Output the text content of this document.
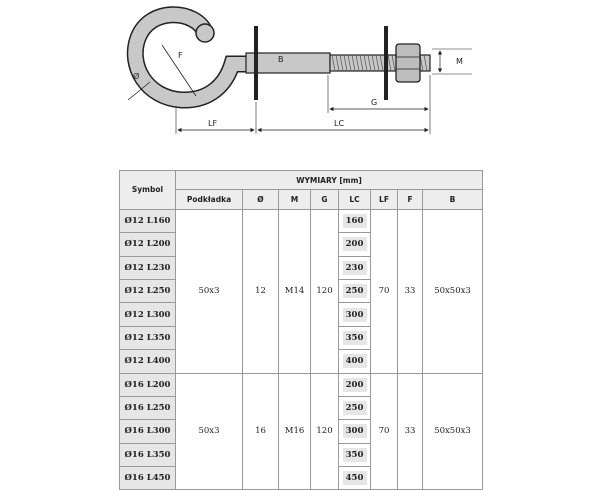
F
Ø
B	M
G
LF	LC
Symbol	WYMIARY [mm]							
	Podkładka	Ø	M	G	LC	LF	F	B
Ø12 L160	50x3	12	M14	120	160	70	33	50x50x3
Ø12 L200					200			
Ø12 L230					230			
Ø12 L250					250			
Ø12 L300					300			
Ø12 L350					350			
Ø12 L400					400			
Ø16 L200	50x3	16	M16	120	200	70	33	50x50x3
Ø16 L250					250			
Ø16 L300					300			
Ø16 L350					350			
Ø16 L450					450			
